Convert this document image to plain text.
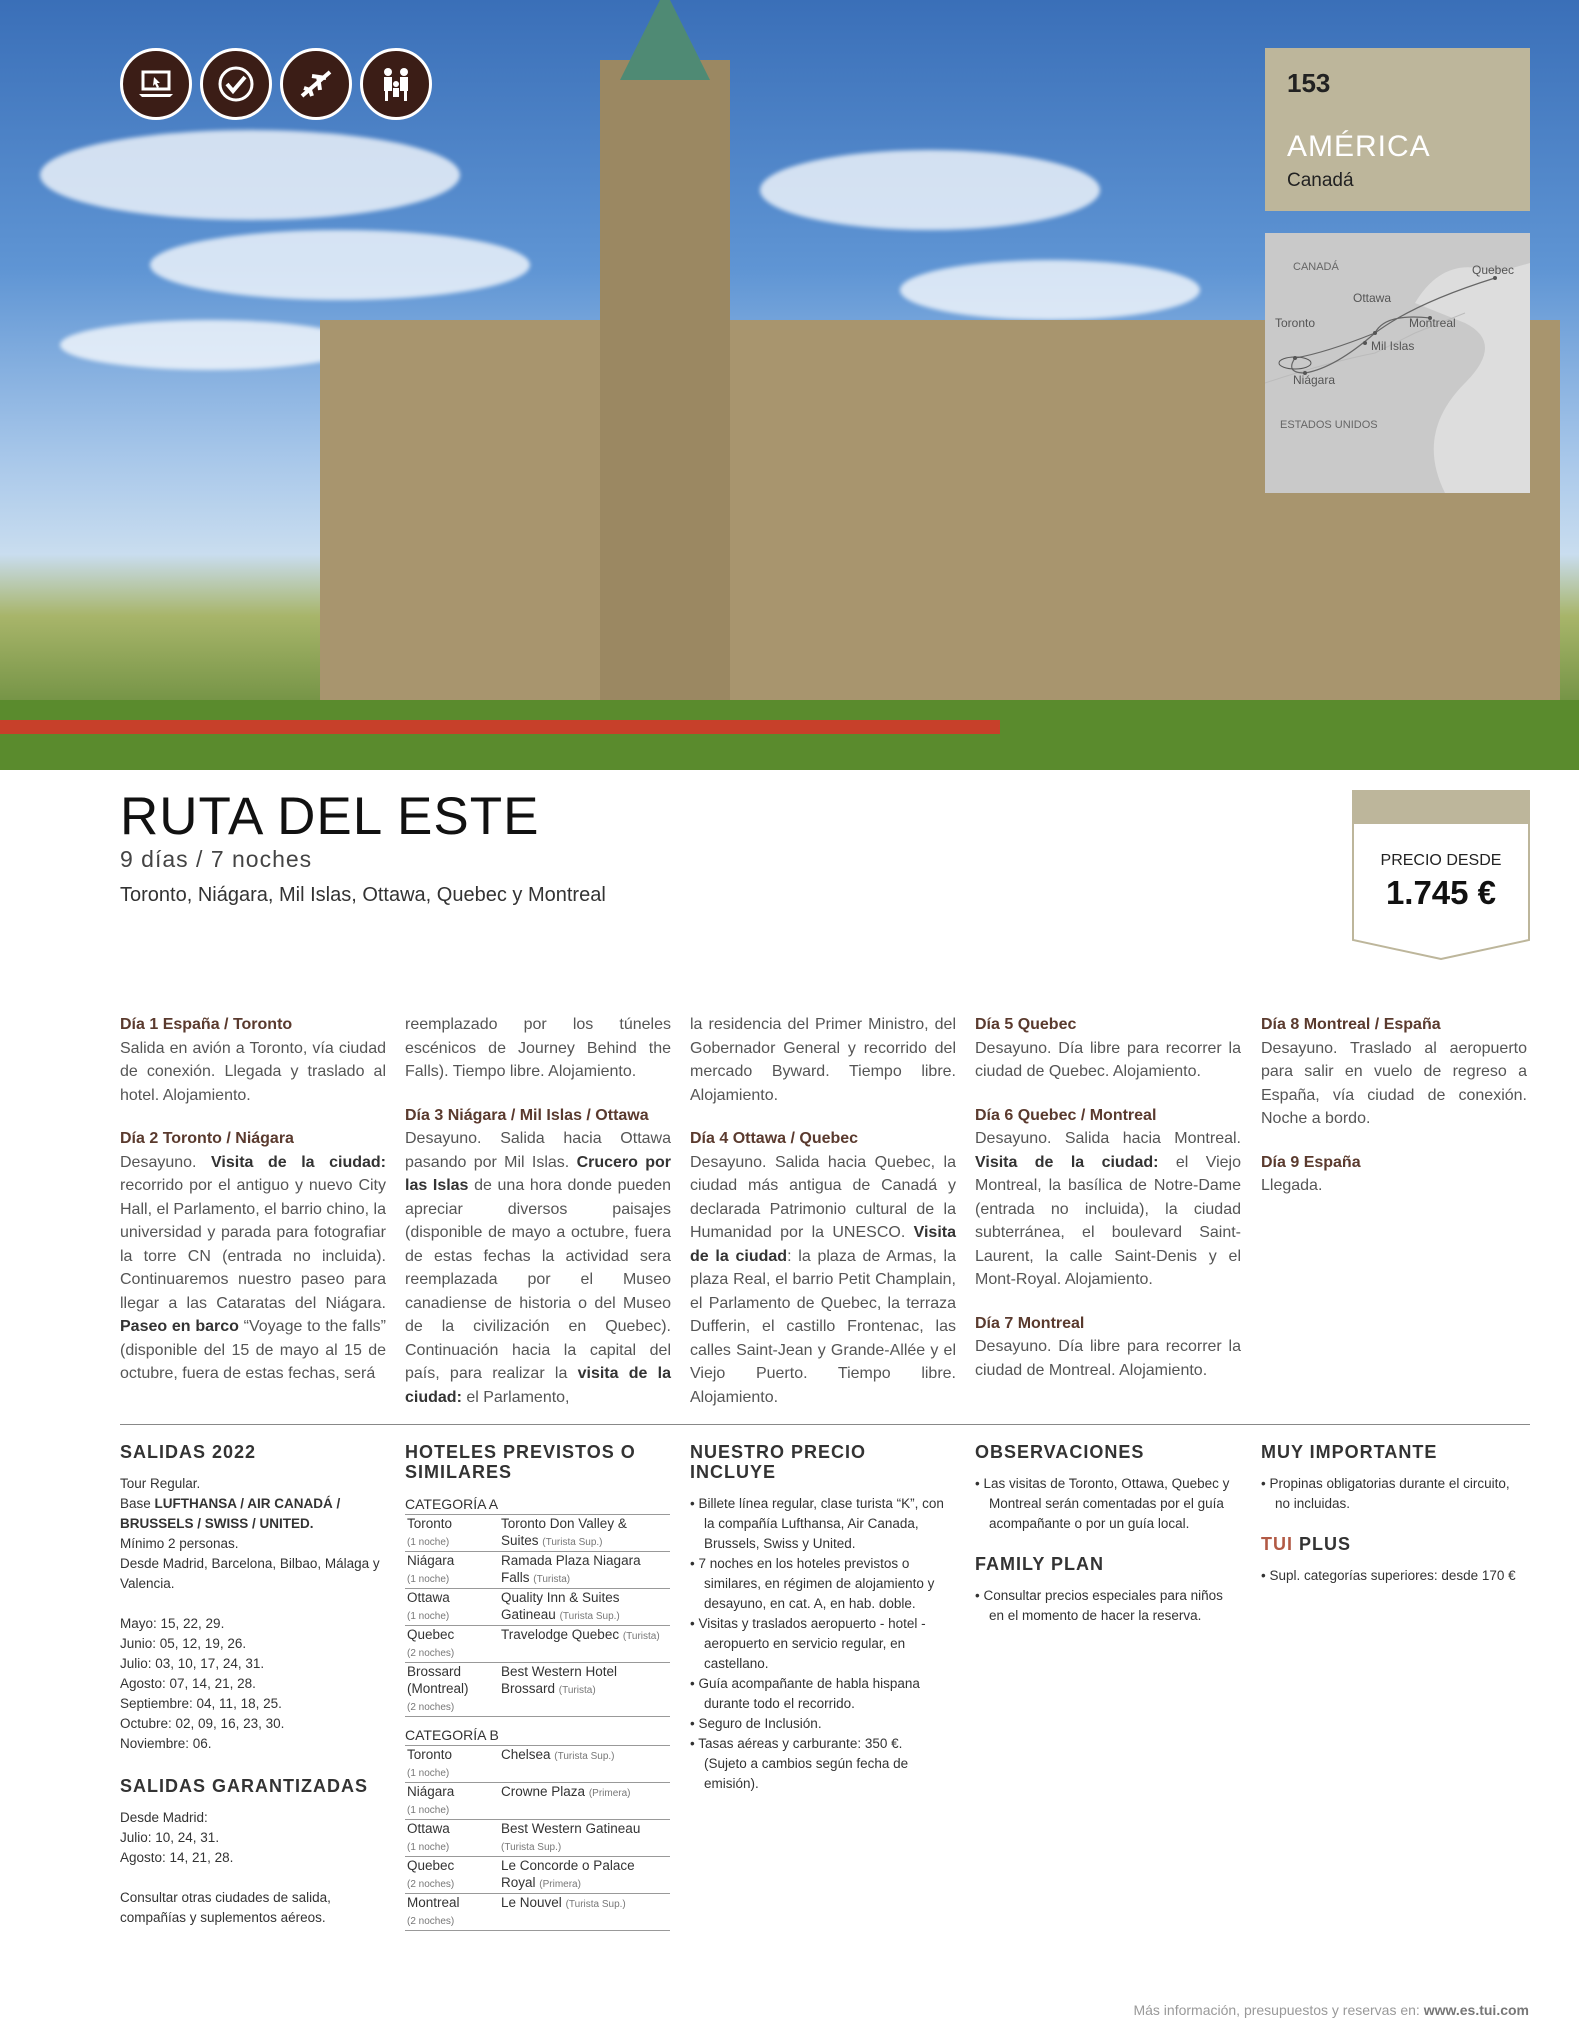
153
AMÉRICA
Canadá
CANADÁ
ESTADOS UNIDOS
Quebec
Ottawa
Toronto	Montreal
Mil Islas
Niágara
RUTA DEL ESTE
9 días / 7 noches
Toronto, Niágara, Mil Islas, Ottawa, Quebec y Montreal
PRECIO DESDE
1.745 €

Día 1 España / Toronto
Salida en avión a Toronto, vía ciudad de conexión. Llegada y traslado al hotel. Alojamiento.

Día 2 Toronto / Niágara
Desayuno. Visita de la ciudad: recorrido por el antiguo y nuevo City Hall, el Parlamento, el barrio chino, la universidad y parada para fotografiar la torre CN (entrada no incluida). Continuaremos nuestro paseo para llegar a las Cataratas del Niágara. Paseo en barco “Voyage to the falls” (disponible del 15 de mayo al 15 de octubre, fuera de estas fechas, será

reemplazado por los túneles escénicos de Journey Behind the Falls). Tiempo libre. Alojamiento.

Día 3 Niágara / Mil Islas / Ottawa
Desayuno. Salida hacia Ottawa pasando por Mil Islas. Crucero por las Islas de una hora donde pueden apreciar diversos paisajes (disponible de mayo a octubre, fuera de estas fechas la actividad sera reemplazada por el Museo canadiense de historia o del Museo de la civilización en Quebec). Continuación hacia la capital del país, para realizar la visita de la ciudad: el Parlamento,

la residencia del Primer Ministro, del Gobernador General y recorrido del mercado Byward. Tiempo libre. Alojamiento.

Día 4 Ottawa / Quebec
Desayuno. Salida hacia Quebec, la ciudad más antigua de Canadá y declarada Patrimonio cultural de la Humanidad por la UNESCO. Visita de la ciudad: la plaza de Armas, la plaza Real, el barrio Petit Champlain, el Parlamento de Quebec, la terraza Dufferin, el castillo Frontenac, las calles Saint-Jean y Grande-Allée y el Viejo Puerto. Tiempo libre. Alojamiento.

Día 5 Quebec
Desayuno. Día libre para recorrer la ciudad de Quebec. Alojamiento.

Día 6 Quebec / Montreal
Desayuno. Salida hacia Montreal. Visita de la ciudad: el Viejo Montreal, la basílica de Notre-Dame (entrada no incluida), la ciudad subterránea, el boulevard Saint-Laurent, la calle Saint-Denis y el Mont-Royal. Alojamiento.

Día 7 Montreal
Desayuno. Día libre para recorrer la ciudad de Montreal. Alojamiento.

Día 8 Montreal / España
Desayuno. Traslado al aeropuerto para salir en vuelo de regreso a España, vía ciudad de conexión. Noche a bordo.

Día 9 España
Llegada.

SALIDAS 2022
Tour Regular.
Base LUFTHANSA / AIR CANADÁ / BRUSSELS / SWISS / UNITED.
Mínimo 2 personas.
Desde Madrid, Barcelona, Bilbao, Málaga y Valencia.
Mayo: 15, 22, 29.
Junio: 05, 12, 19, 26.
Julio: 03, 10, 17, 24, 31.
Agosto: 07, 14, 21, 28.
Septiembre: 04, 11, 18, 25.
Octubre: 02, 09, 16, 23, 30.
Noviembre: 06.
SALIDAS GARANTIZADAS
Desde Madrid:
Julio: 10, 24, 31.
Agosto: 14, 21, 28.
Consultar otras ciudades de salida, compañías y suplementos aéreos.
HOTELES PREVISTOS O SIMILARES
CATEGORÍA A
Toronto
(1 noche)	Toronto Don Valley & Suites (Turista Sup.)
Niágara
(1 noche)	Ramada Plaza Niagara Falls (Turista)
Ottawa
(1 noche)	Quality Inn & Suites Gatineau (Turista Sup.)
Quebec
(2 noches)	Travelodge Quebec (Turista)
Brossard (Montreal)
(2 noches)	Best Western Hotel Brossard (Turista)
CATEGORÍA B
Toronto
(1 noche)	Chelsea (Turista Sup.)
Niágara
(1 noche)	Crowne Plaza (Primera)
Ottawa
(1 noche)	Best Western Gatineau (Turista Sup.)
Quebec
(2 noches)	Le Concorde o Palace Royal (Primera)
Montreal
(2 noches)	Le Nouvel (Turista Sup.)
NUESTRO PRECIO INCLUYE
• Billete línea regular, clase turista “K”, con la compañía Lufthansa, Air Canada, Brussels, Swiss y United.
• 7 noches en los hoteles previstos o similares, en régimen de alojamiento y desayuno, en cat. A, en hab. doble.
• Visitas y traslados aeropuerto - hotel - aeropuerto en servicio regular, en castellano.
• Guía acompañante de habla hispana durante todo el recorrido.
• Seguro de Inclusión.
• Tasas aéreas y carburante: 350 €. (Sujeto a cambios según fecha de emisión).
OBSERVACIONES
• Las visitas de Toronto, Ottawa, Quebec y Montreal serán comentadas por el guía acompañante o por un guía local.
FAMILY PLAN
• Consultar precios especiales para niños en el momento de hacer la reserva.
MUY IMPORTANTE
• Propinas obligatorias durante el circuito, no incluidas.
TUI PLUS
• Supl. categorías superiores: desde 170 €
Más información, presupuestos y reservas en: www.es.tui.com
